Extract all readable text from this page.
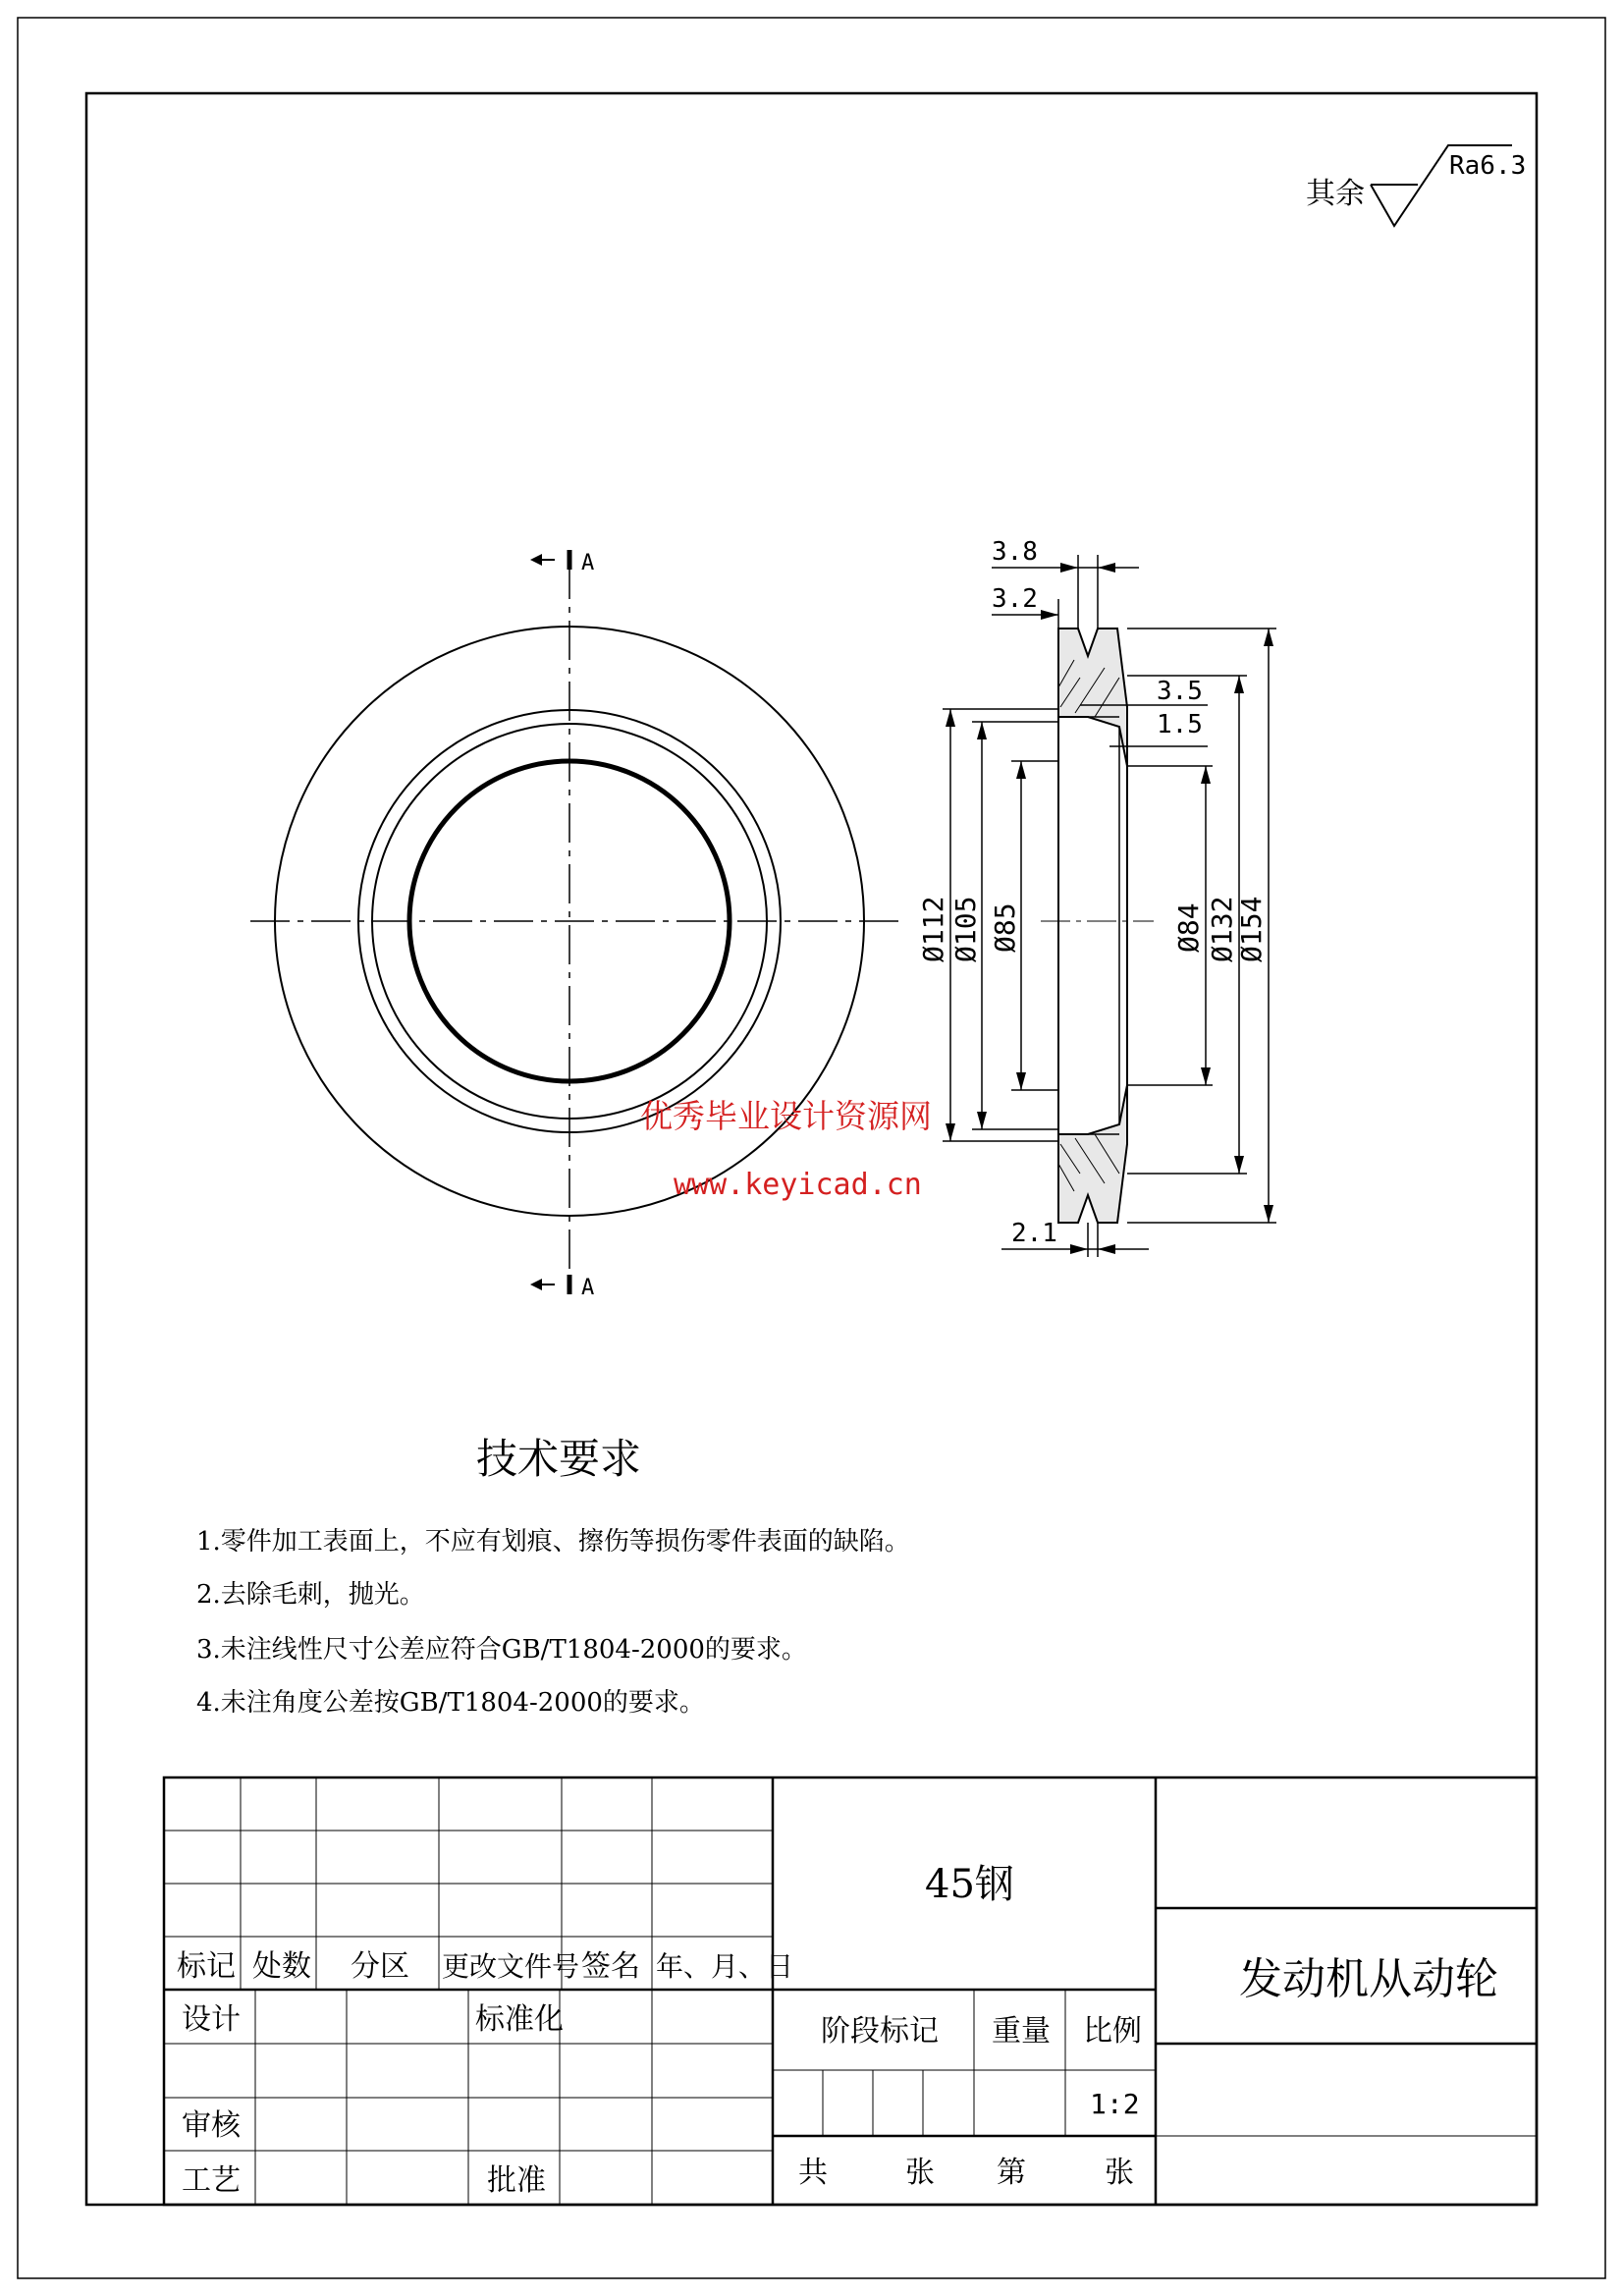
其余
Ra6.3
A
A
3.8
3.2
3.5
1.5
2.1
Ø112 Ø105 Ø85	Ø84 Ø132
Ø154
优秀毕业设计资源网
www.keyicad.cn
技术要求
1.零件加工表面上，不应有划痕、擦伤等损伤零件表面的缺陷。
2.去除毛刺，抛光。
3.未注线性尺寸公差应符合GB/T1804-2000的要求。
4.未注角度公差按GB/T1804-2000的要求。
标记 处数 分区 更改文件号 签名 年、月、日
设计	标准化
审核
工艺	批准
45钢
阶段标记 重量 比例
1:2
共	张 第	张
发动机从动轮
